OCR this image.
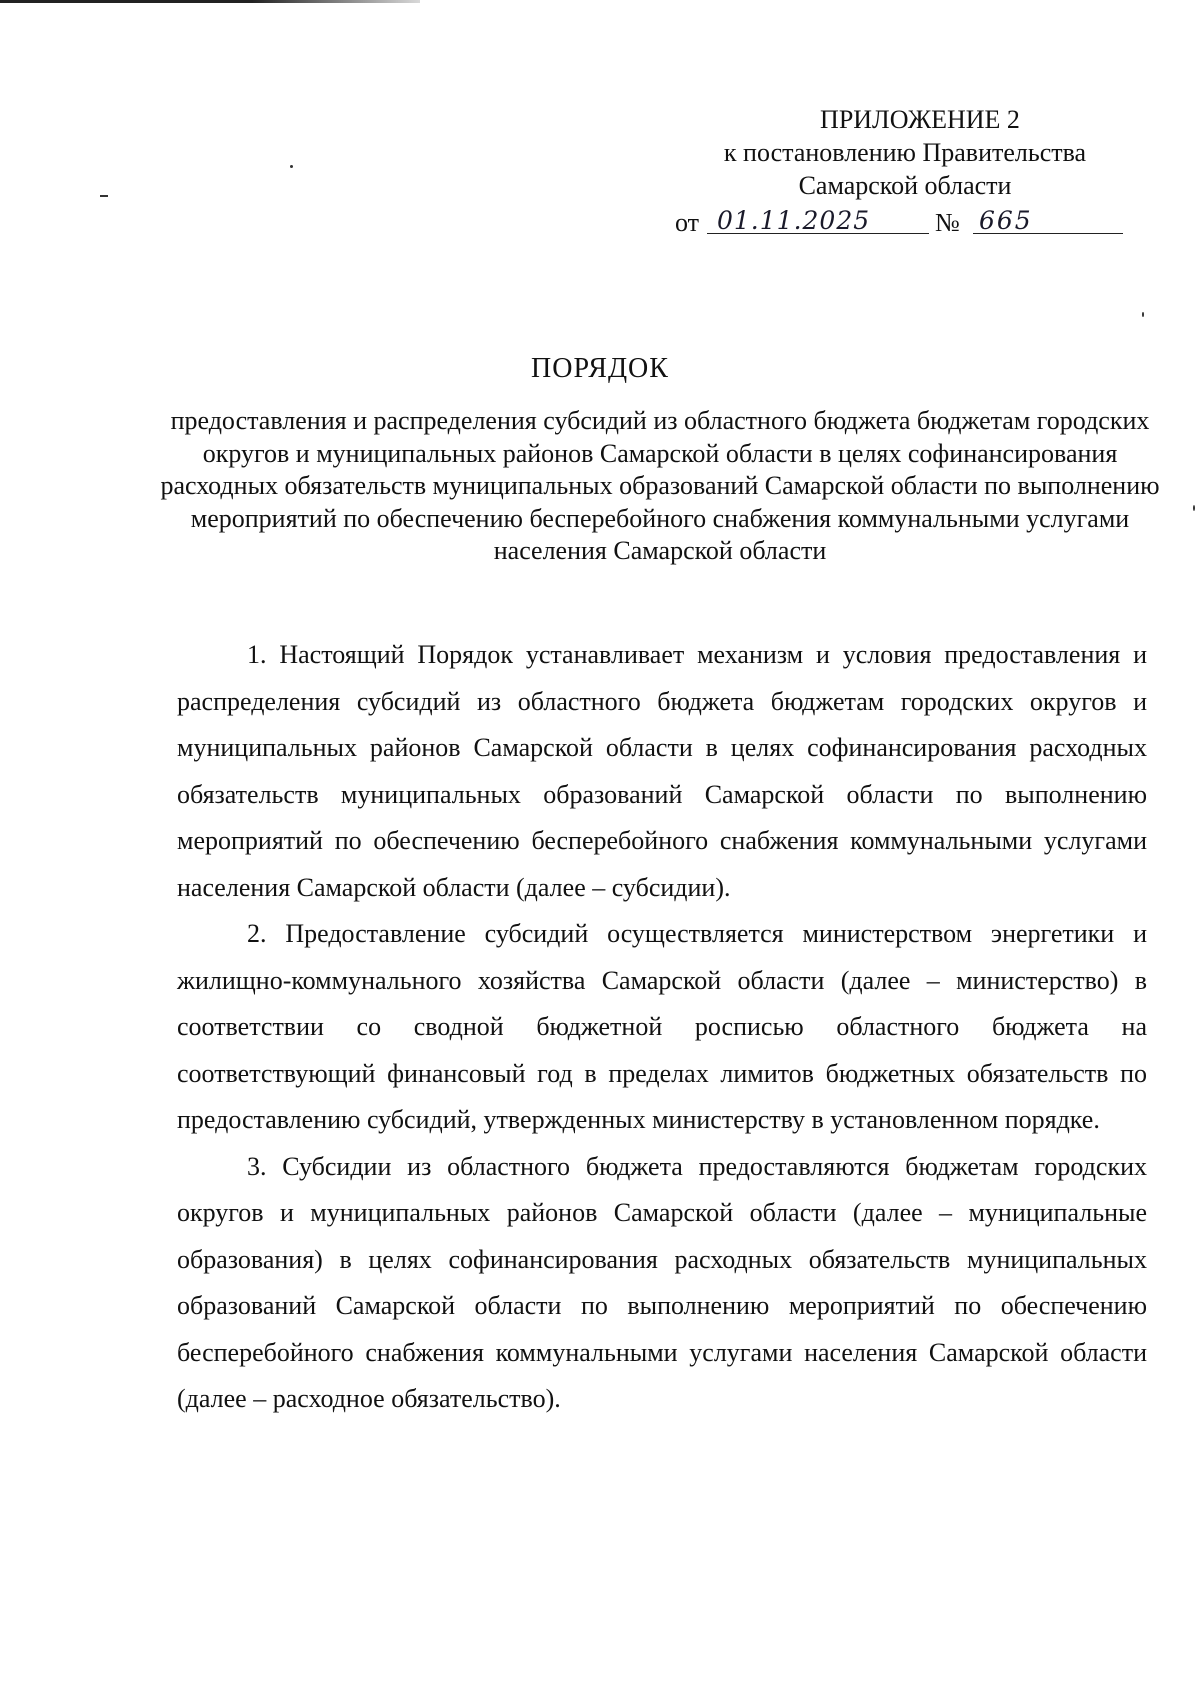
ПРИЛОЖЕНИЕ 2
к постановлению Правительства
Самарской области
от 01.11.2025	№ 665
ПОРЯДОК
предоставления и распределения субсидий из областного бюджета бюджетам городских округов и муниципальных районов Самарской области в целях софинансирования расходных обязательств муниципальных образований Самарской области по выполнению мероприятий по обеспечению бесперебойного снабжения коммунальными услугами населения Самарской области

1. Настоящий Порядок устанавливает механизм и условия предоставления и распределения субсидий из областного бюджета бюджетам городских округов и муниципальных районов Самарской области в целях софинансирования расходных обязательств муниципальных образований Самарской области по выполнению мероприятий по обеспечению бесперебойного снабжения коммунальными услугами населения Самарской области (далее – субсидии).

2. Предоставление субсидий осуществляется министерством энергетики и жилищно-коммунального хозяйства Самарской области (далее – министерство) в соответствии со сводной бюджетной росписью областного бюджета на соответствующий финансовый год в пределах лимитов бюджетных обязательств по предоставлению субсидий, утвержденных министерству в установленном порядке.

3. Субсидии из областного бюджета предоставляются бюджетам городских округов и муниципальных районов Самарской области (далее – муниципальные образования) в целях софинансирования расходных обязательств муниципальных образований Самарской области по выполнению мероприятий по обеспечению бесперебойного снабжения коммунальными услугами населения Самарской области (далее – расходное обязательство).
